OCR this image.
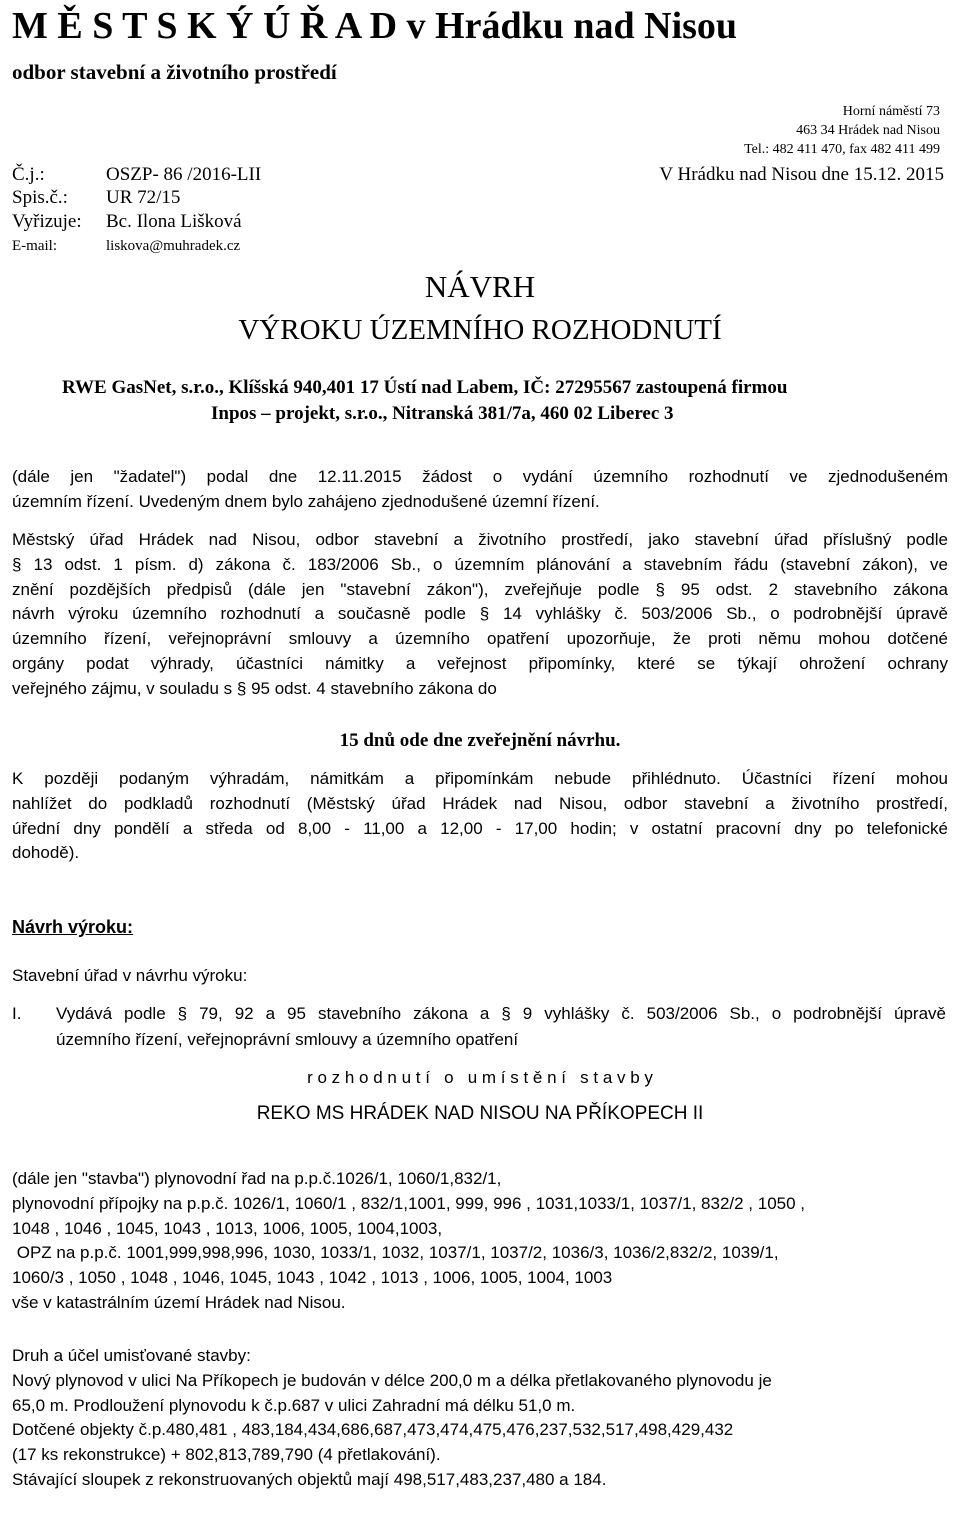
M Ě S T S K Ý Ú Ř A D v Hrádku nad Nisou
odbor stavební a životního prostředí
Horní náměstí 73
463 34 Hrádek nad Nisou
Tel.: 482 411 470, fax 482 411 499
Č.j.:	OSZP- 86 /2016-LII	V Hrádku nad Nisou dne 15.12. 2015
Spis.č.: UR 72/15
Vyřizuje: Bc. Ilona Lišková
E-mail:	liskova@muhradek.cz
NÁVRH
VÝROKU ÚZEMNÍHO ROZHODNUTÍ
RWE GasNet, s.r.o., Klíšská 940,401 17 Ústí nad Labem, IČ: 27295567 zastoupená firmou
Inpos – projekt, s.r.o., Nitranská 381/7a, 460 02 Liberec 3
(dále jen "žadatel") podal dne 12.11.2015 žádost o vydání územního rozhodnutí ve zjednodušeném
územním řízení. Uvedeným dnem bylo zahájeno zjednodušené územní řízení.
Městský úřad Hrádek nad Nisou, odbor stavební a životního prostředí, jako stavební úřad příslušný podle
§ 13 odst. 1 písm. d) zákona č. 183/2006 Sb., o územním plánování a stavebním řádu (stavební zákon), ve
znění pozdějších předpisů (dále jen "stavební zákon"), zveřejňuje podle § 95 odst. 2 stavebního zákona
návrh výroku územního rozhodnutí a současně podle § 14 vyhlášky č. 503/2006 Sb., o podrobnější úpravě
územního řízení, veřejnoprávní smlouvy a územního opatření upozorňuje, že proti němu mohou dotčené
orgány podat výhrady, účastníci námitky a veřejnost připomínky, které se týkají ohrožení ochrany
veřejného zájmu, v souladu s § 95 odst. 4 stavebního zákona do
15 dnů ode dne zveřejnění návrhu.
K později podaným výhradám, námitkám a připomínkám nebude přihlédnuto. Účastníci řízení mohou
nahlížet do podkladů rozhodnutí (Městský úřad Hrádek nad Nisou, odbor stavební a životního prostředí,
úřední dny pondělí a středa od 8,00 - 11,00 a 12,00 - 17,00 hodin; v ostatní pracovní dny po telefonické
dohodě).
Návrh výroku:
Stavební úřad v návrhu výroku:
I. Vydává podle § 79, 92 a 95 stavebního zákona a § 9 vyhlášky č. 503/2006 Sb., o podrobnější úpravě
územního řízení, veřejnoprávní smlouvy a územního opatření
r o z h o d n u t í   o   u m í s t ě n í   s t a v b y
REKO MS HRÁDEK NAD NISOU NA PŘÍKOPECH II
(dále jen "stavba") plynovodní řad na p.p.č.1026/1, 1060/1,832/1,
plynovodní přípojky na p.p.č. 1026/1, 1060/1 , 832/1,1001, 999, 996 , 1031,1033/1, 1037/1, 832/2 , 1050 ,
1048 , 1046 , 1045, 1043 , 1013, 1006, 1005, 1004,1003,
OPZ na p.p.č. 1001,999,998,996, 1030, 1033/1, 1032, 1037/1, 1037/2, 1036/3, 1036/2,832/2, 1039/1,
1060/3 , 1050 , 1048 , 1046, 1045, 1043 , 1042 , 1013 , 1006, 1005, 1004, 1003
vše v katastrálním území Hrádek nad Nisou.
Druh a účel umisťované stavby:
Nový plynovod v ulici Na Příkopech je budován v délce 200,0 m a délka přetlakovaného plynovodu je
65,0 m. Prodloužení plynovodu k č.p.687 v ulici Zahradní má délku 51,0 m.
Dotčené objekty č.p.480,481 , 483,184,434,686,687,473,474,475,476,237,532,517,498,429,432
(17 ks rekonstrukce) + 802,813,789,790 (4 přetlakování).
Stávající sloupek z rekonstruovaných objektů mají 498,517,483,237,480 a 184.
